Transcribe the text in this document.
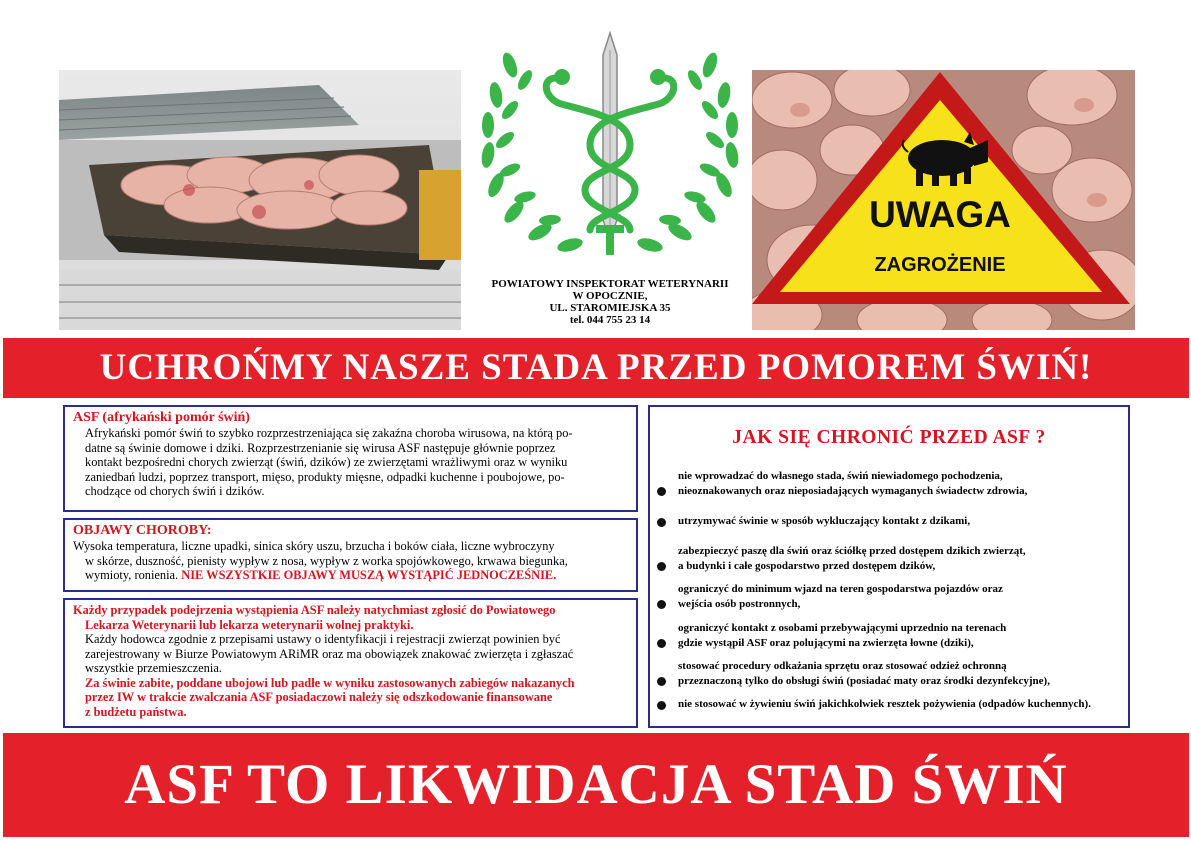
POWIATOWY INSPEKTORAT WETERYNARII
W OPOCZNIE,
UL. STAROMIEJSKA 35
tel. 044 755 23 14
UWAGA
ZAGROŻENIE
UCHROŃMY NASZE STADA PRZED POMOREM ŚWIŃ!
ASF (afrykański pomór świń)

Afrykański pomór świń to szybko rozprzestrzeniająca się zakaźna choroba wirusowa, na którą po-

datne są świnie domowe i dziki. Rozprzestrzenianie się wirusa ASF następuje głównie poprzez

kontakt bezpośredni chorych zwierząt (świń, dzików) ze zwierzętami wrażliwymi oraz w wyniku

zaniedbań ludzi, poprzez transport, mięso, produkty mięsne, odpadki kuchenne i poubojowe, po-

chodzące od chorych świń i dzików.

OBJAWY CHOROBY:

Wysoka temperatura, liczne upadki, sinica skóry uszu, brzucha i boków ciała, liczne wybroczyny

w skórze, duszność, pienisty wypływ z nosa, wypływ z worka spojówkowego, krwawa biegunka,

wymioty, ronienia. NIE WSZYSTKIE OBJAWY MUSZĄ WYSTĄPIĆ JEDNOCZEŚNIE.

Każdy przypadek podejrzenia wystąpienia ASF należy natychmiast zgłosić do Powiatowego

Lekarza Weterynarii lub lekarza weterynarii wolnej praktyki.

Każdy hodowca zgodnie z przepisami ustawy o identyfikacji i rejestracji zwierząt powinien być

zarejestrowany w Biurze Powiatowym ARiMR oraz ma obowiązek znakować zwierzęta i zgłaszać

wszystkie przemieszczenia.

Za świnie zabite, poddane ubojowi lub padłe w wyniku zastosowanych zabiegów nakazanych

przez IW w trakcie zwalczania ASF posiadaczowi należy się odszkodowanie finansowane

z budżetu państwa.

JAK SIĘ CHRONIĆ PRZED ASF ?
nie wprowadzać do własnego stada, świń niewiadomego pochodzenia,
nieoznakowanych oraz nieposiadających wymaganych świadectw zdrowia,
utrzymywać świnie w sposób wykluczający kontakt z dzikami,
zabezpieczyć paszę dla świń oraz ściółkę przed dostępem dzikich zwierząt,
a budynki i całe gospodarstwo przed dostępem dzików,
ograniczyć do minimum wjazd na teren gospodarstwa pojazdów oraz
wejścia osób postronnych,
ograniczyć kontakt z osobami przebywającymi uprzednio na terenach
gdzie wystąpił ASF oraz polującymi na zwierzęta łowne (dziki),
stosować procedury odkażania sprzętu oraz stosować odzież ochronną
przeznaczoną tylko do obsługi świń (posiadać maty oraz środki dezynfekcyjne),
nie stosować w żywieniu świń jakichkolwiek resztek pożywienia (odpadów kuchennych).
ASF TO LIKWIDACJA STAD ŚWIŃ
